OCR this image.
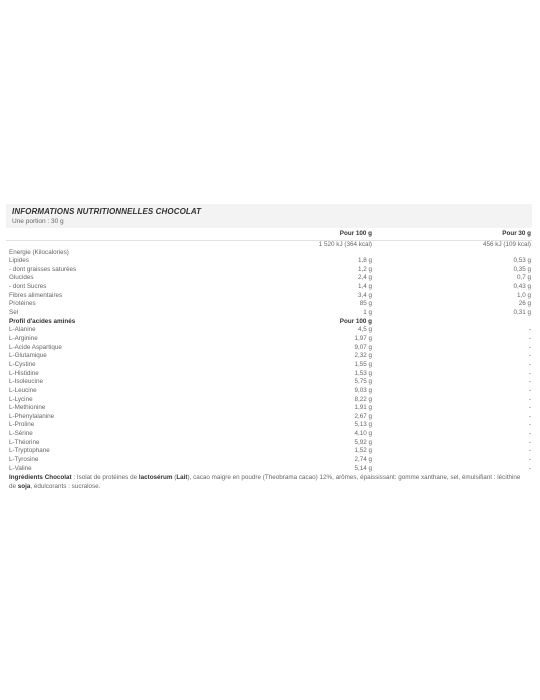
INFORMATIONS NUTRITIONNELLES CHOCOLAT

Une portion : 30 g

	Pour 100 g	Pour 30 g
Energie (Kilocalories)	1 520 kJ (364 kcal)	456 kJ (109 kcal)
Lipides	1,8 g	0,53 g
- dont graisses saturées	1,2 g	0,35 g
Glucides	2,4 g	0,7 g
- dont Sucres	1,4 g	0,43 g
Fibres alimentaires	3,4 g	1,0 g
Protéines	85 g	26 g
Sel	1 g	0,31 g
Profil d'acides aminés	Pour 100 g	
L-Alanine	4,5 g	-
L-Arginine	1,97 g	-
L-Acide Aspartique	9,07 g	-
L-Glutamique	2,32 g	-
L-Cystine	1,55 g	-
L-Histidine	1,53 g	-
L-Isoleucine	5,75 g	-
L-Leucine	9,03 g	-
L-Lycine	8,22 g	-
L-Methionine	1,91 g	-
L-Phenylalanine	2,67 g	-
L-Proline	5,13 g	-
L-Sérine	4,10 g	-
L-Théorine	5,92 g	-
L-Tryptophane	1,52 g	-
L-Tyrosine	2,74 g	-
L-Valine	5,14 g	-
Ingrédients Chocolat : Isolat de protéines de lactosérum (Lait), cacao maigre en poudre (Theobrama cacao) 12%, arômes, épaississant: gomme xanthane, sel, émulsifiant : lécithine de soja, édulcorants : sucralose.
